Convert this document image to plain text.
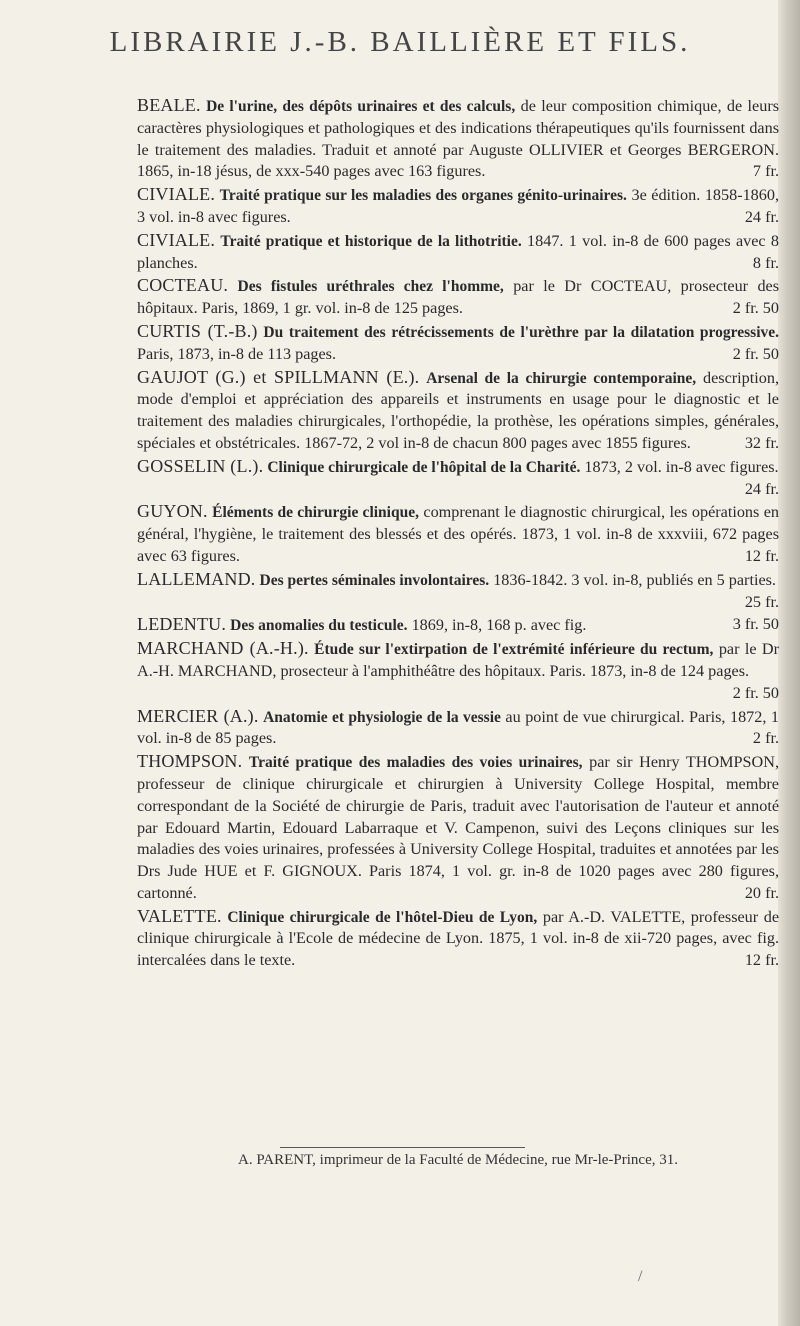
LIBRAIRIE J.-B. BAILLIÈRE ET FILS.
BEALE. De l'urine, des dépôts urinaires et des calculs, de leur composition chimique, de leurs caractères physiologiques et pathologiques et des indications thérapeutiques qu'ils fournissent dans le traitement des maladies. Traduit et annoté par Auguste OLLIVIER et Georges BERGERON. 1865, in-18 jésus, de xxx-540 pages avec 163 figures.	7 fr.
CIVIALE. Traité pratique sur les maladies des organes génito-urinaires. 3e édition. 1858-1860, 3 vol. in-8 avec figures.	24 fr.
CIVIALE. Traité pratique et historique de la lithotritie. 1847. 1 vol. in-8 de 600 pages avec 8 planches.	8 fr.
COCTEAU. Des fistules uréthrales chez l'homme, par le Dr COCTEAU, prosecteur des hôpitaux. Paris, 1869, 1 gr. vol. in-8 de 125 pages.	2 fr. 50
CURTIS (T.-B.) Du traitement des rétrécissements de l'urèthre par la dilatation progressive. Paris, 1873, in-8 de 113 pages.	2 fr. 50
GAUJOT (G.) et SPILLMANN (E.). Arsenal de la chirurgie contemporaine, description, mode d'emploi et appréciation des appareils et instruments en usage pour le diagnostic et le traitement des maladies chirurgicales, l'orthopédie, la prothèse, les opérations simples, générales, spéciales et obstétricales. 1867-72, 2 vol in-8 de chacun 800 pages avec 1855 figures.	32 fr.
GOSSELIN (L.). Clinique chirurgicale de l'hôpital de la Charité. 1873, 2 vol. in-8 avec figures.
24 fr.
GUYON. Éléments de chirurgie clinique, comprenant le diagnostic chirurgical, les opérations en général, l'hygiène, le traitement des blessés et des opérés. 1873, 1 vol. in-8 de xxxviii, 672 pages avec 63 figures.	12 fr.
LALLEMAND. Des pertes séminales involontaires. 1836-1842. 3 vol. in-8, publiés en 5 parties.
25 fr.
LEDENTU. Des anomalies du testicule. 1869, in-8, 168 p. avec fig.	3 fr. 50
MARCHAND (A.-H.). Étude sur l'extirpation de l'extrémité inférieure du rectum, par le Dr A.-H. MARCHAND, prosecteur à l'amphithéâtre des hôpitaux. Paris. 1873, in-8 de 124 pages.
2 fr. 50
MERCIER (A.). Anatomie et physiologie de la vessie au point de vue chirurgical. Paris, 1872, 1 vol. in-8 de 85 pages.	2 fr.
THOMPSON. Traité pratique des maladies des voies urinaires, par sir Henry THOMPSON, professeur de clinique chirurgicale et chirurgien à University College Hospital, membre correspondant de la Société de chirurgie de Paris, traduit avec l'autorisation de l'auteur et annoté par Edouard Martin, Edouard Labarraque et V. Campenon, suivi des Leçons cliniques sur les maladies des voies urinaires, professées à University College Hospital, traduites et annotées par les Drs Jude HUE et F. GIGNOUX. Paris 1874, 1 vol. gr. in-8 de 1020 pages avec 280 figures, cartonné.	20 fr.
VALETTE. Clinique chirurgicale de l'hôtel-Dieu de Lyon, par A.-D. VALETTE, professeur de clinique chirurgicale à l'Ecole de médecine de Lyon. 1875, 1 vol. in-8 de xii-720 pages, avec fig. intercalées dans le texte.	12 fr.
A. PARENT, imprimeur de la Faculté de Médecine, rue Mr-le-Prince, 31.
/
